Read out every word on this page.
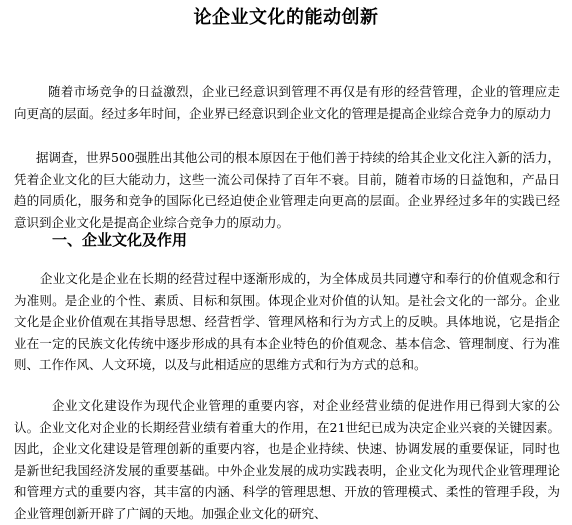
论企业文化的能动创新

随着市场竞争的日益激烈，企业已经意识到管理不再仅是有形的经营管理，企业的管理应走向更高的层面。经过多年时间，企业界已经意识到企业文化的管理是提高企业综合竞争力的原动力

据调查，世界500强胜出其他公司的根本原因在于他们善于持续的给其企业文化注入新的活力，凭着企业文化的巨大能动力，这些一流公司保持了百年不衰。目前，随着市场的日益饱和，产品日趋的同质化，服务和竞争的国际化已经迫使企业管理走向更高的层面。企业界经过多年的实践已经意识到企业文化是提高企业综合竞争力的原动力。

一、企业文化及作用

企业文化是企业在长期的经营过程中逐渐形成的，为全体成员共同遵守和奉行的价值观念和行为准则。是企业的个性、素质、目标和氛围。体现企业对价值的认知。是社会文化的一部分。企业文化是企业价值观在其指导思想、经营哲学、管理风格和行为方式上的反映。具体地说，它是指企业在一定的民族文化传统中逐步形成的具有本企业特色的价值观念、基本信念、管理制度、行为准则、工作作风、人文环境，以及与此相适应的思维方式和行为方式的总和。

企业文化建设作为现代企业管理的重要内容，对企业经营业绩的促进作用已得到大家的公认。企业文化对企业的长期经营业绩有着重大的作用，在21世纪已成为决定企业兴衰的关键因素。因此，企业文化建设是管理创新的重要内容，也是企业持续、快速、协调发展的重要保证，同时也是新世纪我国经济发展的重要基础。中外企业发展的成功实践表明，企业文化为现代企业管理理论和管理方式的重要内容，其丰富的内涵、科学的管理思想、开放的管理模式、柔性的管理手段，为企业管理创新开辟了广阔的天地。加强企业文化的研究、
